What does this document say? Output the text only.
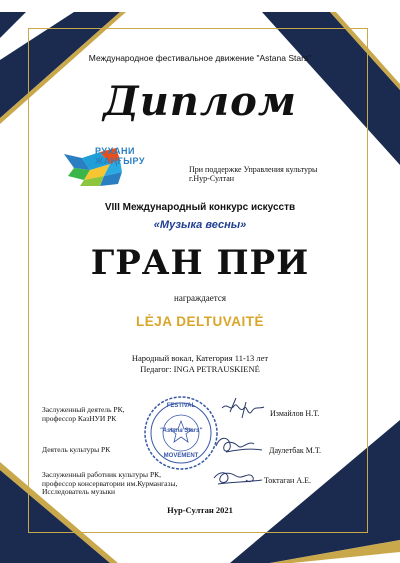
Международное фестивальное движение "Astana Stars"
Диплом
РУХАНИ
ЖАҢҒЫРУ
При поддержке Управления культуры
г.Нур-Султан
VIII Международный конкурс искусств
«Музыка весны»
ГРАН ПРИ
награждается
LĖJA DELTUVAITĖ
Народный вокал, Категория 11-13 лет
Педагог: INGA PETRAUSKIENĖ
FESTIVAL
"Astana Stars"
MOVEMENT
Заслуженный деятель РК,
профессор КазНУИ РК	Измайлов Н.Т.
Деятель культуры РК	Даулетбак М.Т.
Заслуженный работник культуры РК,
профессор консерватории им.Курмангазы,
Исследователь музыки
Токтаган А.Е.
Нур-Султан 2021
